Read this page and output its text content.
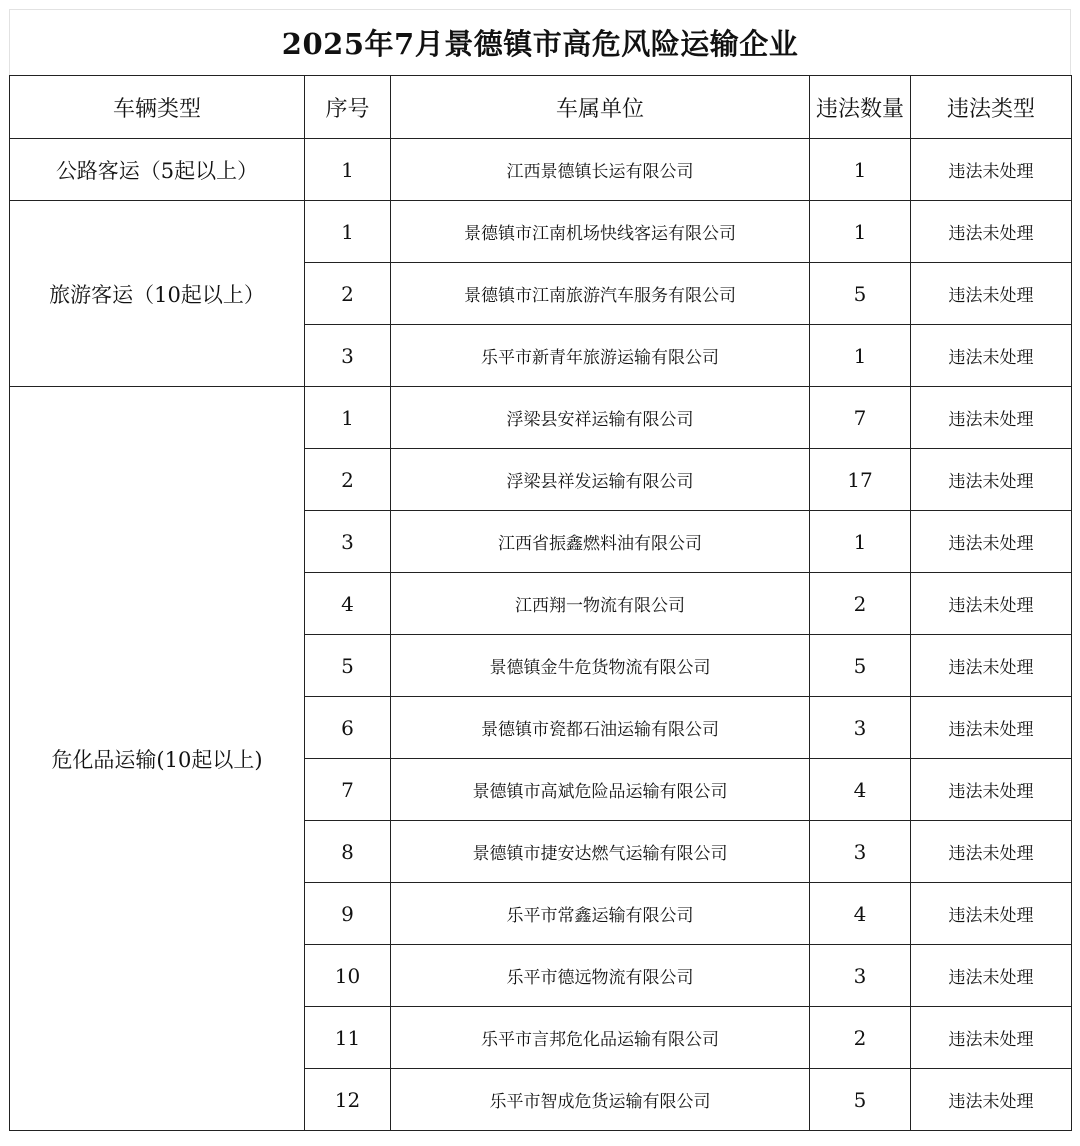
2025年7月景德镇市高危风险运输企业
车辆类型	序号	车属单位	违法数量	违法类型
公路客运（5起以上）	1	江西景德镇长运有限公司	1	违法未处理
旅游客运（10起以上）	1	景德镇市江南机场快线客运有限公司	1	违法未处理
	2	景德镇市江南旅游汽车服务有限公司	5	违法未处理
	3	乐平市新青年旅游运输有限公司	1	违法未处理
危化品运输(10起以上)	1	浮梁县安祥运输有限公司	7	违法未处理
	2	浮梁县祥发运输有限公司	17	违法未处理
	3	江西省振鑫燃料油有限公司	1	违法未处理
	4	江西翔一物流有限公司	2	违法未处理
	5	景德镇金牛危货物流有限公司	5	违法未处理
	6	景德镇市瓷都石油运输有限公司	3	违法未处理
	7	景德镇市高斌危险品运输有限公司	4	违法未处理
	8	景德镇市捷安达燃气运输有限公司	3	违法未处理
	9	乐平市常鑫运输有限公司	4	违法未处理
	10	乐平市德远物流有限公司	3	违法未处理
	11	乐平市言邦危化品运输有限公司	2	违法未处理
	12	乐平市智成危货运输有限公司	5	违法未处理
